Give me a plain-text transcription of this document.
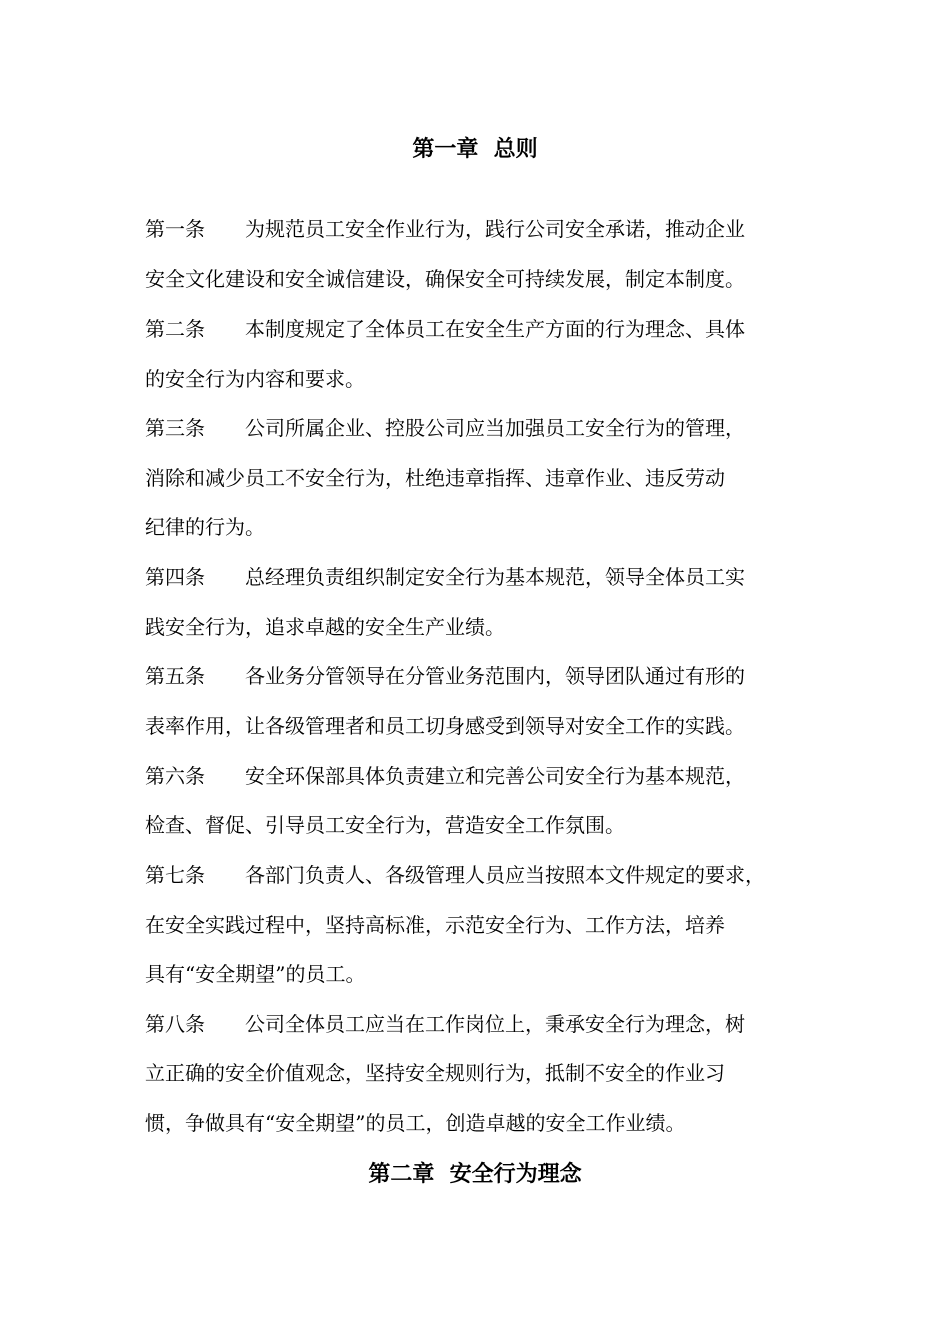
第一章  总则
第一条 为规范员工安全作业行为，践行公司安全承诺，推动企业
安全文化建设和安全诚信建设，确保安全可持续发展，制定本制度。
第二条 本制度规定了全体员工在安全生产方面的行为理念、具体
的安全行为内容和要求。
第三条 公司所属企业、控股公司应当加强员工安全行为的管理，
消除和减少员工不安全行为，杜绝违章指挥、违章作业、违反劳动
纪律的行为。
第四条 总经理负责组织制定安全行为基本规范，领导全体员工实
践安全行为，追求卓越的安全生产业绩。
第五条 各业务分管领导在分管业务范围内，领导团队通过有形的
表率作用，让各级管理者和员工切身感受到领导对安全工作的实践。
第六条 安全环保部具体负责建立和完善公司安全行为基本规范，
检查、督促、引导员工安全行为，营造安全工作氛围。
第七条 各部门负责人、各级管理人员应当按照本文件规定的要求，
在安全实践过程中，坚持高标准，示范安全行为、工作方法，培养
具有“安全期望”的员工。
第八条 公司全体员工应当在工作岗位上，秉承安全行为理念，树
立正确的安全价值观念，坚持安全规则行为，抵制不安全的作业习
惯，争做具有“安全期望”的员工，创造卓越的安全工作业绩。
第二章  安全行为理念
